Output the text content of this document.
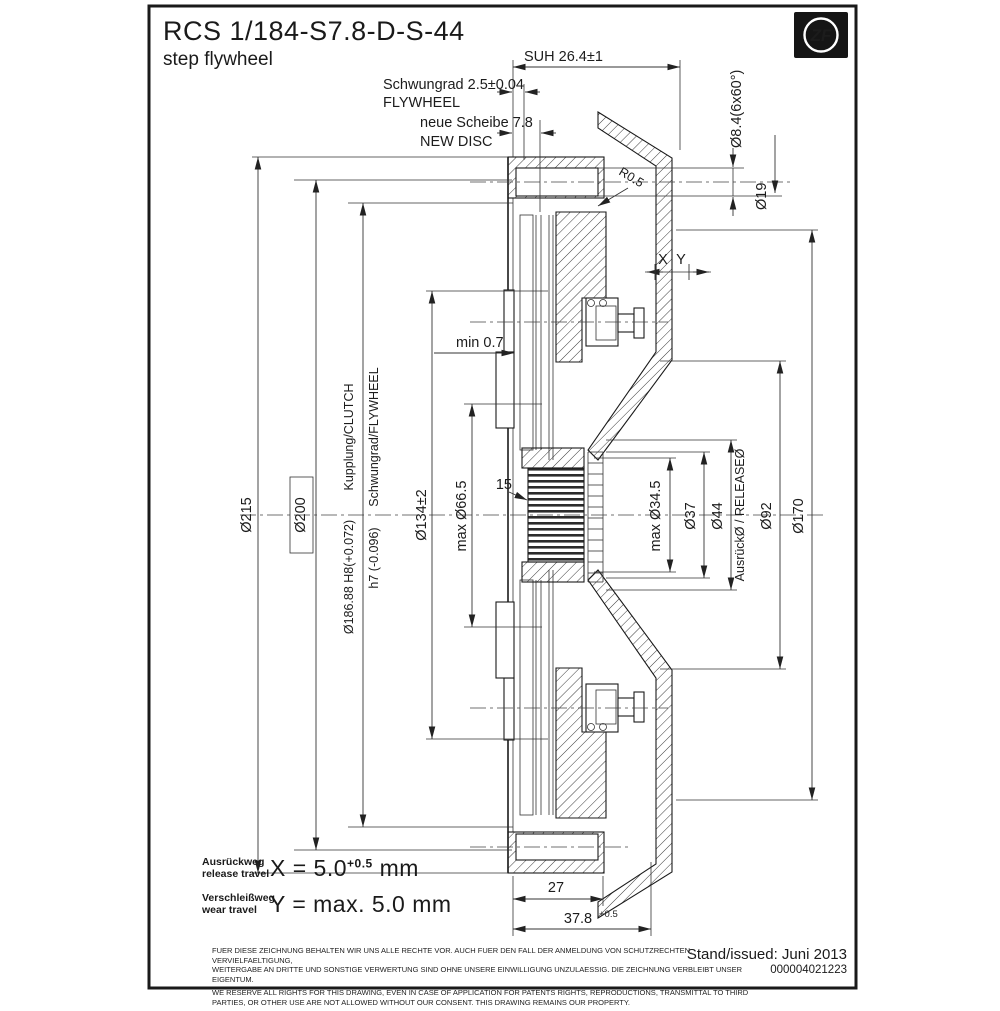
ZF
SUH 26.4±1
Schwungrad 2.5±0.04
FLYWHEEL
neue Scheibe 7.8
NEW DISC	Ø8.4(6x60°)
Ø19
R0.5
X Y
min 0.7
Ø215	Ø200
Kupplung/CLUTCH
Ø186.88 H8(+0.072)
Schwungrad/FLYWHEEL
h7 (-0.096)
Ø134±2 max Ø66.5 15	max Ø34.5 Ø37 Ø44 AusrückØ / RELEASEØ Ø92 Ø170
27
37.8 +0.5
RCS 1/184-S7.8-D-S-44
step flywheel
Ausrückweg
release travel $X = 5.0^{+0.5}$ mm
Verschleißweg
wear travel Y = max. 5.0 mm

FUER DIESE ZEICHNUNG BEHALTEN WIR UNS ALLE RECHTE VOR. AUCH FUER DEN FALL DER ANMELDUNG VON SCHUTZRECHTEN. VERVIELFAELTIGUNG,
WEITERGABE AN DRITTE UND SONSTIGE VERWERTUNG SIND OHNE UNSERE EINWILLIGUNG UNZULAESSIG. DIE ZEICHNUNG VERBLEIBT UNSER EIGENTUM.

WE RESERVE ALL RIGHTS FOR THIS DRAWING, EVEN IN CASE OF APPLICATION FOR PATENTS RIGHTS, REPRODUCTIONS, TRANSMITTAL TO THIRD
PARTIES, OR OTHER USE ARE NOT ALLOWED WITHOUT OUR CONSENT. THIS DRAWING REMAINS OUR PROPERTY.

Stand/issued: Juni 2013
000004021223
